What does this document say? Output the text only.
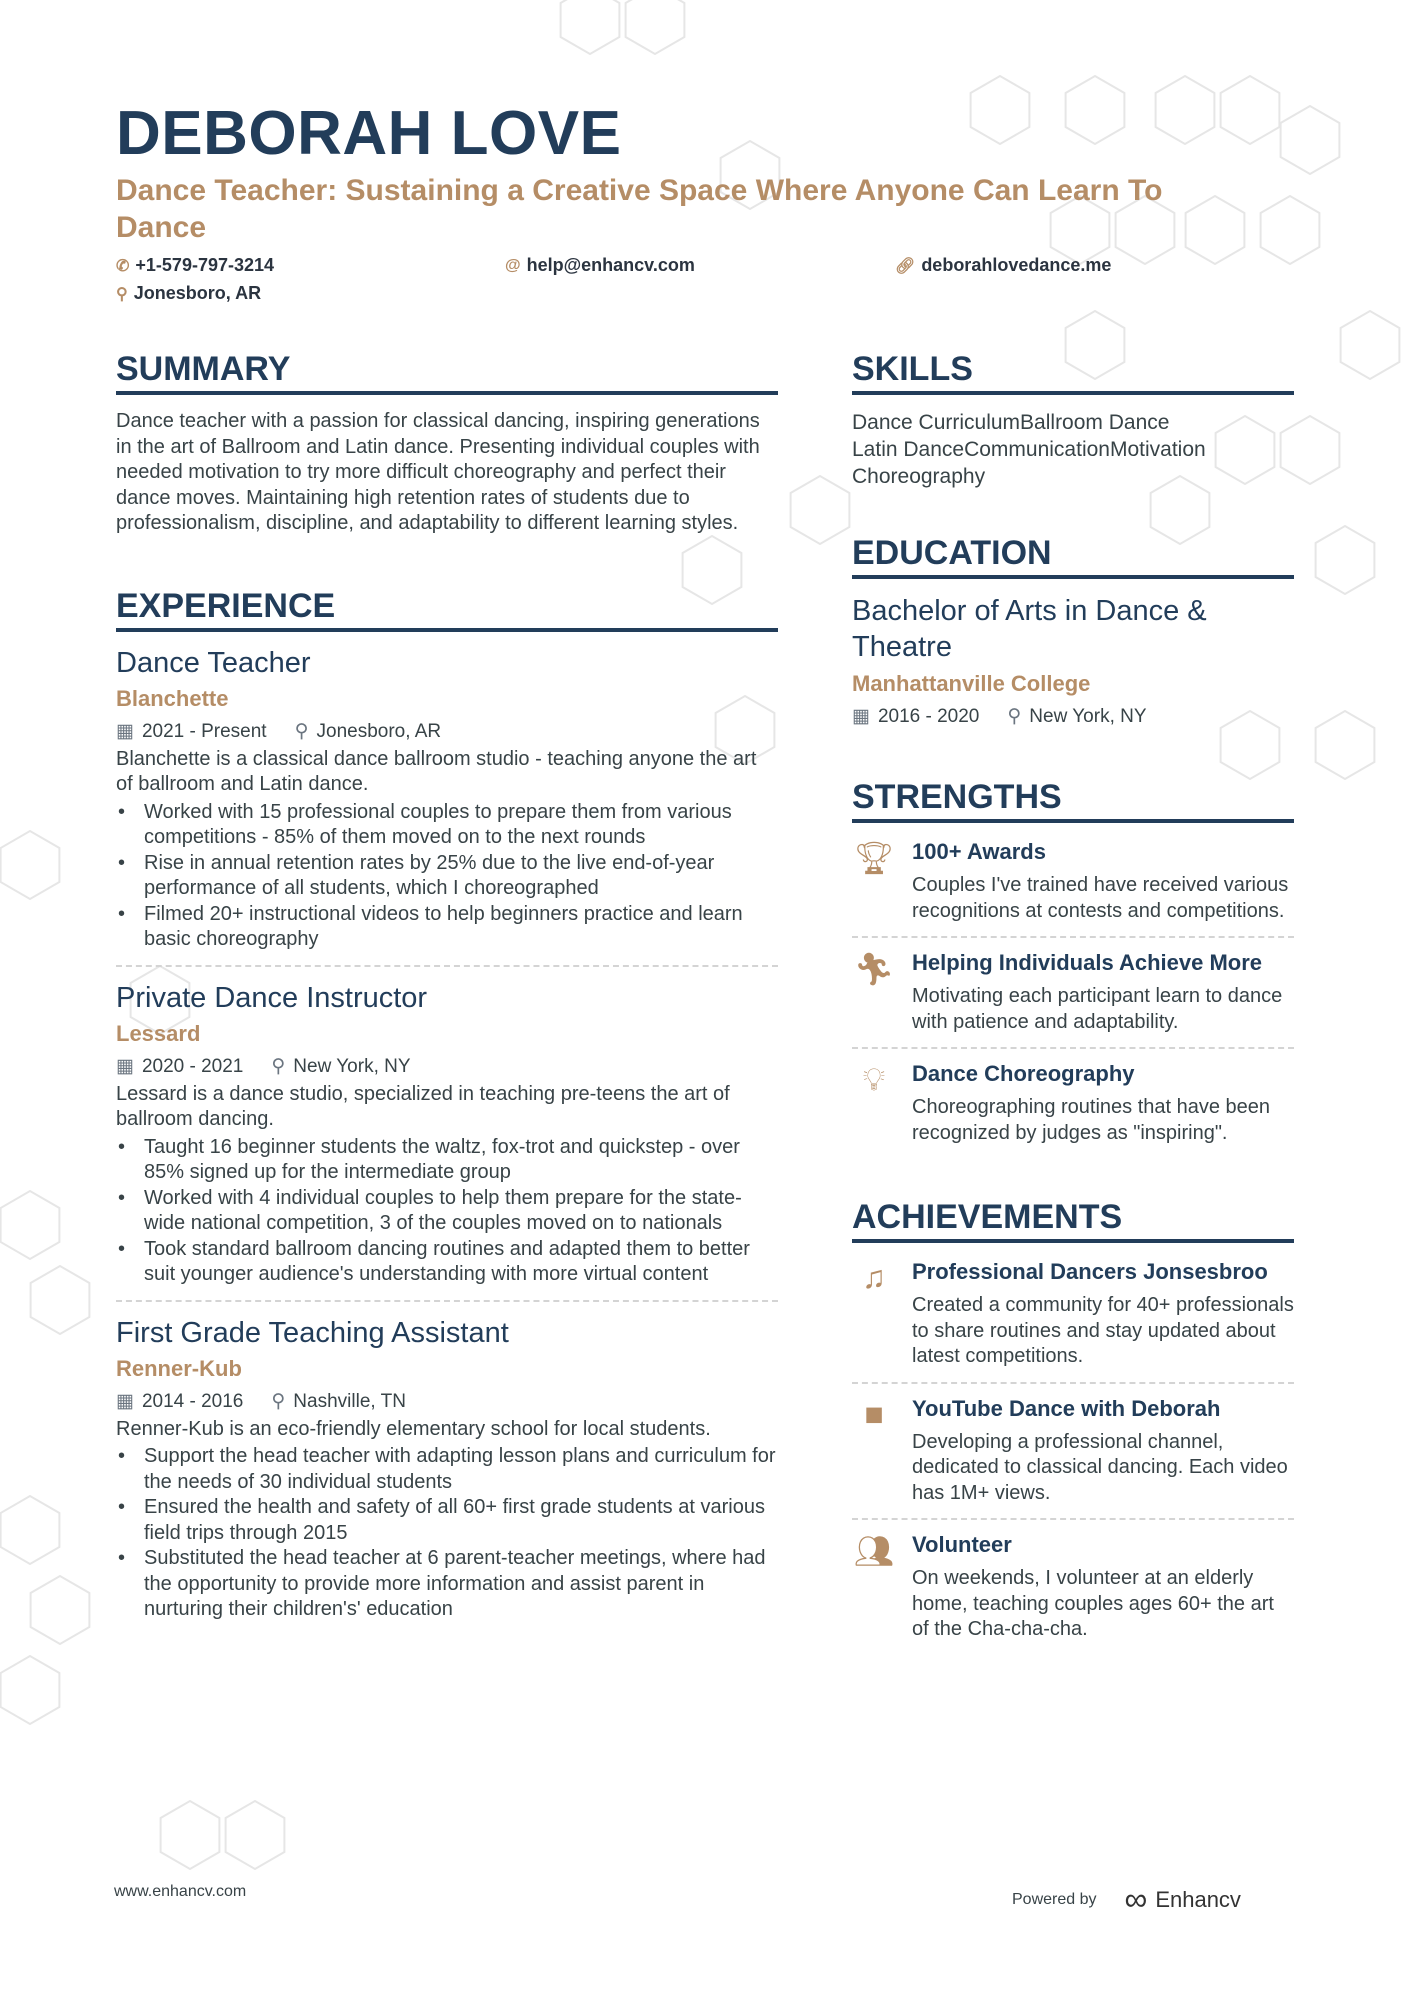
DEBORAH LOVE
Dance Teacher: Sustaining a Creative Space Where Anyone Can Learn To Dance
✆ +1-579-797-3214	@ help@enhancv.com	🔗︎ deborahlovedance.me
⚲ Jonesboro, AR
SUMMARY
Dance teacher with a passion for classical dancing, inspiring generations in the art of Ballroom and Latin dance. Presenting individual couples with needed motivation to try more difficult choreography and perfect their dance moves. Maintaining high retention rates of students due to professionalism, discipline, and adaptability to different learning styles.
EXPERIENCE
Dance Teacher
Blanchette
▦ 2021 - Present ⚲ Jonesboro, AR
Blanchette is a classical dance ballroom studio - teaching anyone the art of ballroom and Latin dance.
• Worked with 15 professional couples to prepare them from various competitions - 85% of them moved on to the next rounds
• Rise in annual retention rates by 25% due to the live end-of-year performance of all students, which I choreographed
• Filmed 20+ instructional videos to help beginners practice and learn basic choreography
Private Dance Instructor
Lessard
▦ 2020 - 2021 ⚲ New York, NY
Lessard is a dance studio, specialized in teaching pre-teens the art of ballroom dancing.
• Taught 16 beginner students the waltz, fox-trot and quickstep - over 85% signed up for the intermediate group
• Worked with 4 individual couples to help them prepare for the state-wide national competition, 3 of the couples moved on to nationals
• Took standard ballroom dancing routines and adapted them to better suit younger audience's understanding with more virtual content
First Grade Teaching Assistant
Renner-Kub
▦ 2014 - 2016 ⚲ Nashville, TN
Renner-Kub is an eco-friendly elementary school for local students.
• Support the head teacher with adapting lesson plans and curriculum for the needs of 30 individual students
• Ensured the health and safety of all 60+ first grade students at various field trips through 2015
• Substituted the head teacher at 6 parent-teacher meetings, where had the opportunity to provide more information and assist parent in nurturing their children's' education
SKILLS
Dance CurriculumBallroom Dance
Latin DanceCommunicationMotivation
Choreography
EDUCATION
Bachelor of Arts in Dance & Theatre
Manhattanville College
▦ 2016 - 2020 ⚲ New York, NY
STRENGTHS
🏆︎ 100+ Awards
Couples I've trained have received various recognitions at contests and competitions.
🏃︎ Helping Individuals Achieve More
Motivating each participant learn to dance with patience and adaptability.
💡︎	Dance Choreography
Choreographing routines that have been recognized by judges as "inspiring".
ACHIEVEMENTS
♫	Professional Dancers Jonsesbroo
Created a community for 40+ professionals to share routines and stay updated about latest competitions.
■	YouTube Dance with Deborah
Developing a professional channel, dedicated to classical dancing. Each video has 1M+ views.
👥︎ Volunteer
On weekends, I volunteer at an elderly home, teaching couples ages 60+ the art of the Cha-cha-cha.
www.enhancv.com	Powered by ∞ Enhancv
